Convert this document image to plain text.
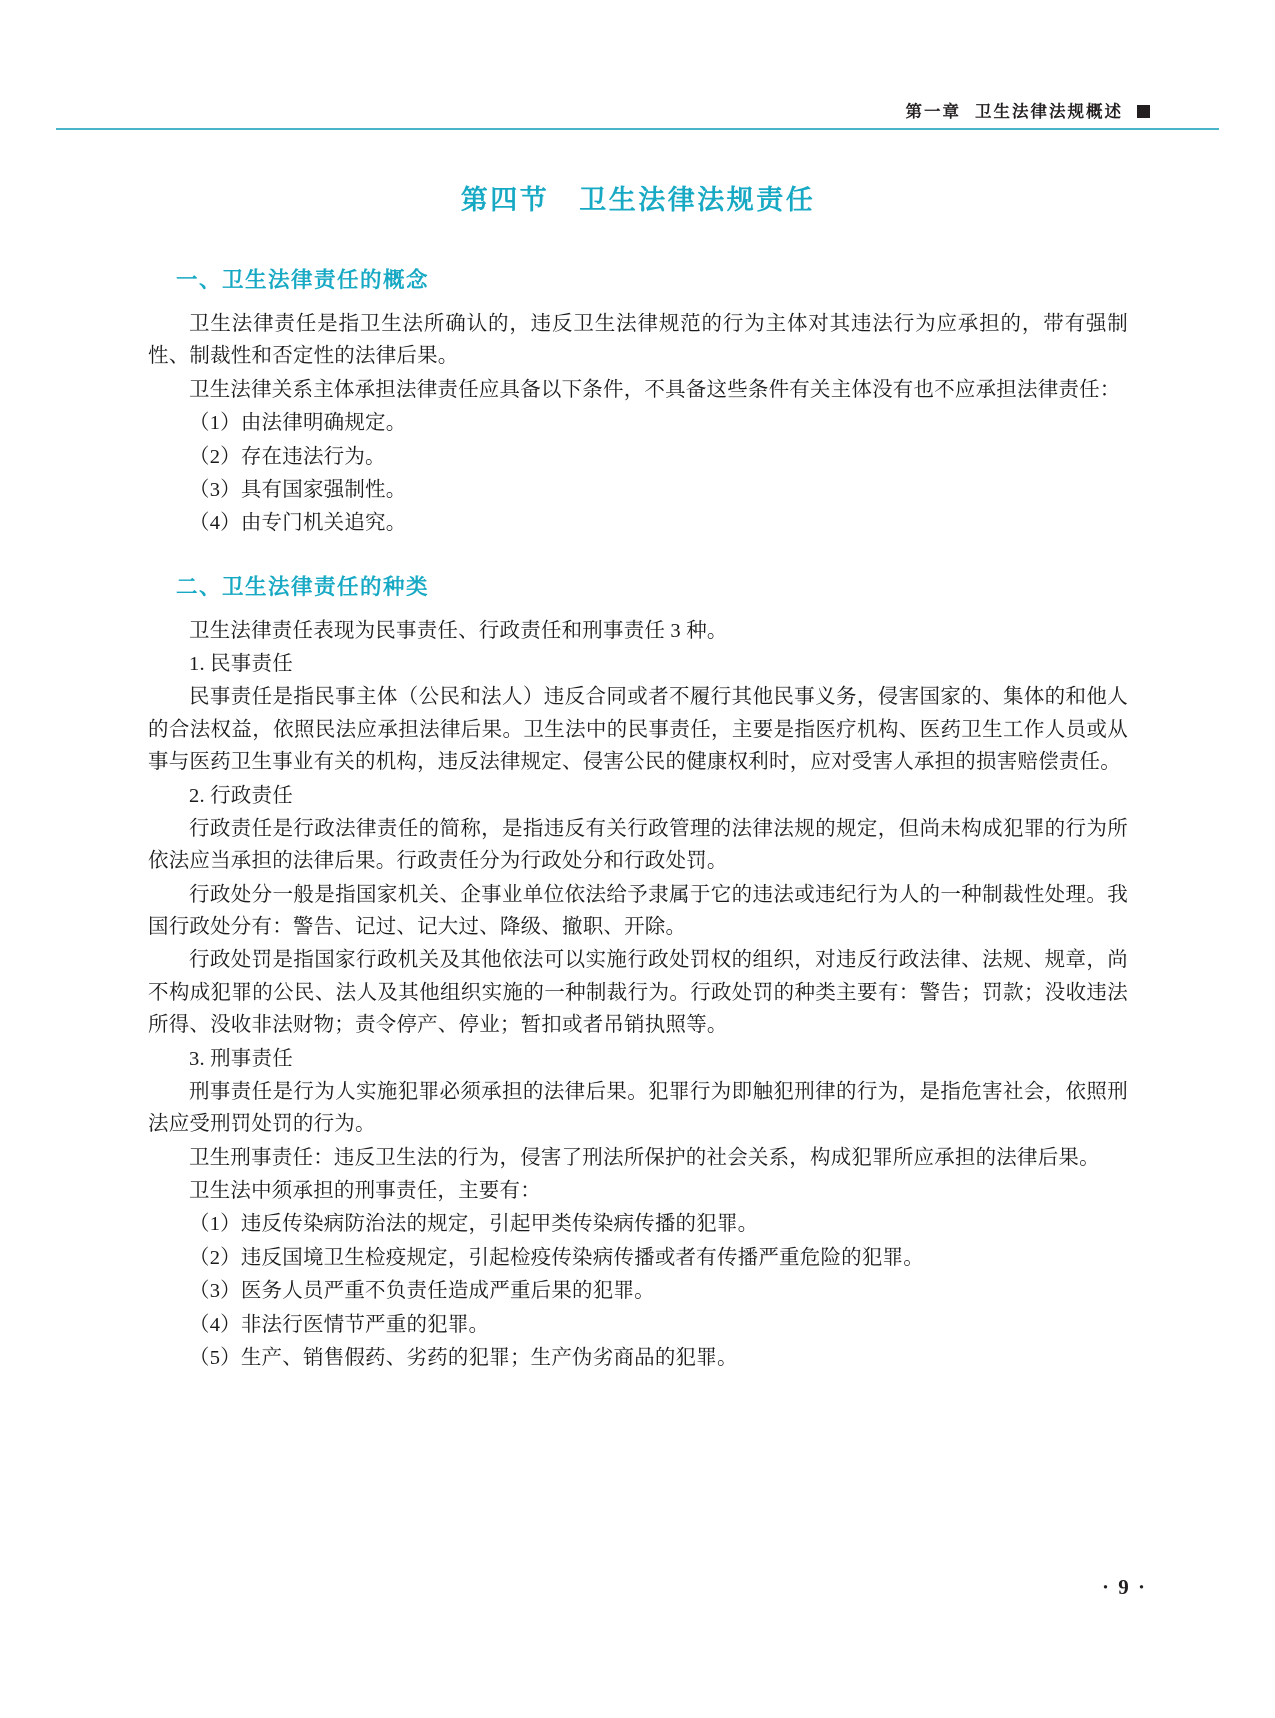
第一章 卫生法律法规概述
第四节 卫生法律法规责任
一、卫生法律责任的概念

卫生法律责任是指卫生法所确认的，违反卫生法律规范的行为主体对其违法行为应承担的，带有强制性、制裁性和否定性的法律后果。

卫生法律关系主体承担法律责任应具备以下条件，不具备这些条件有关主体没有也不应承担法律责任：

（1）由法律明确规定。

（2）存在违法行为。

（3）具有国家强制性。

（4）由专门机关追究。

二、卫生法律责任的种类

卫生法律责任表现为民事责任、行政责任和刑事责任 3 种。

1. 民事责任

民事责任是指民事主体（公民和法人）违反合同或者不履行其他民事义务，侵害国家的、集体的和他人的合法权益，依照民法应承担法律后果。卫生法中的民事责任，主要是指医疗机构、医药卫生工作人员或从事与医药卫生事业有关的机构，违反法律规定、侵害公民的健康权利时，应对受害人承担的损害赔偿责任。

2. 行政责任

行政责任是行政法律责任的简称，是指违反有关行政管理的法律法规的规定，但尚未构成犯罪的行为所依法应当承担的法律后果。行政责任分为行政处分和行政处罚。

行政处分一般是指国家机关、企事业单位依法给予隶属于它的违法或违纪行为人的一种制裁性处理。我国行政处分有：警告、记过、记大过、降级、撤职、开除。

行政处罚是指国家行政机关及其他依法可以实施行政处罚权的组织，对违反行政法律、法规、规章，尚不构成犯罪的公民、法人及其他组织实施的一种制裁行为。行政处罚的种类主要有：警告；罚款；没收违法所得、没收非法财物；责令停产、停业；暂扣或者吊销执照等。

3. 刑事责任

刑事责任是行为人实施犯罪必须承担的法律后果。犯罪行为即触犯刑律的行为，是指危害社会，依照刑法应受刑罚处罚的行为。

卫生刑事责任：违反卫生法的行为，侵害了刑法所保护的社会关系，构成犯罪所应承担的法律后果。

卫生法中须承担的刑事责任，主要有：

（1）违反传染病防治法的规定，引起甲类传染病传播的犯罪。

（2）违反国境卫生检疫规定，引起检疫传染病传播或者有传播严重危险的犯罪。

（3）医务人员严重不负责任造成严重后果的犯罪。

（4）非法行医情节严重的犯罪。

（5）生产、销售假药、劣药的犯罪；生产伪劣商品的犯罪。

· 9 ·
